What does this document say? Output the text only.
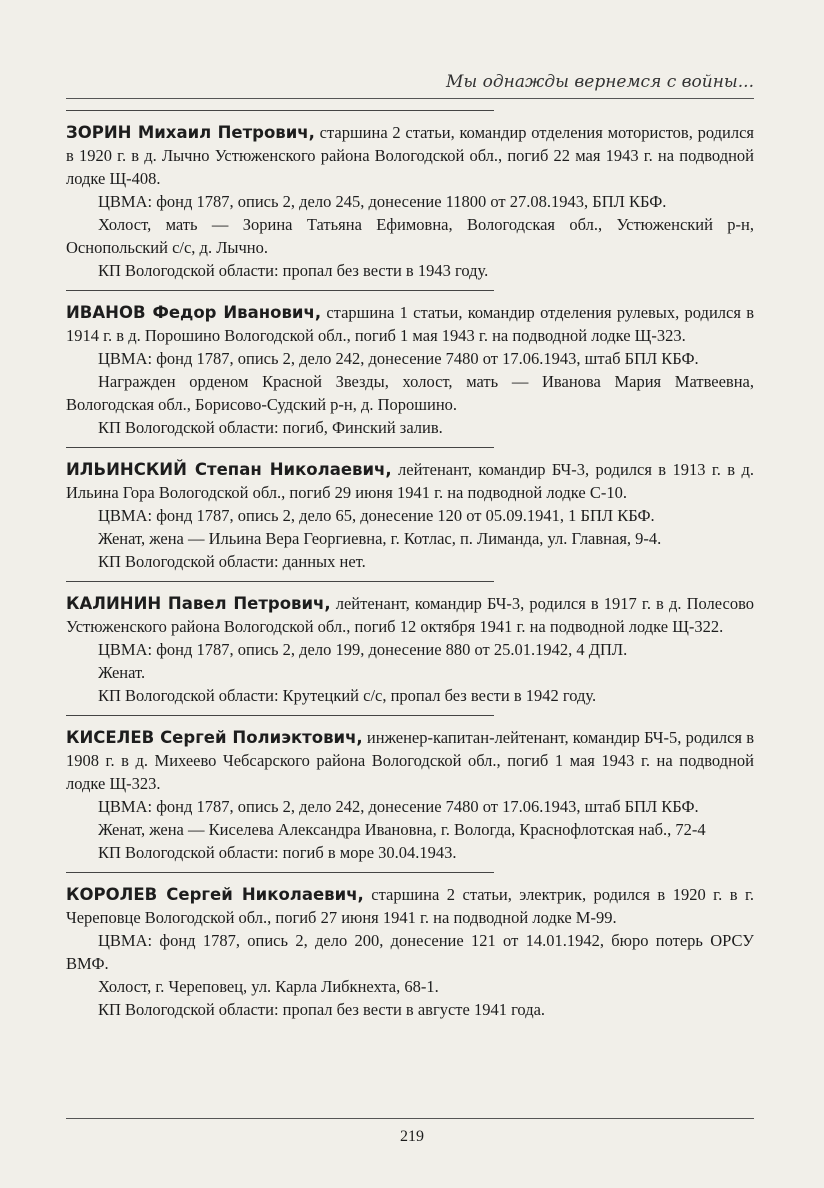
Мы однажды вернемся с войны...

ЗОРИН Михаил Петрович, старшина 2 статьи, командир отделения мотористов, родился в 1920 г. в д. Лычно Устюженского района Вологодской обл., погиб 22 мая 1943 г. на подводной лодке Щ-408.

ЦВМА: фонд 1787, опись 2, дело 245, донесение 11800 от 27.08.1943, БПЛ КБФ.

Холост, мать — Зорина Татьяна Ефимовна, Вологодская обл., Устюженский р-н, Оснопольский с/с, д. Лычно.

КП Вологодской области: пропал без вести в 1943 году.

ИВАНОВ Федор Иванович, старшина 1 статьи, командир отделения рулевых, родился в 1914 г. в д. Порошино Вологодской обл., погиб 1 мая 1943 г. на подводной лодке Щ-323.

ЦВМА: фонд 1787, опись 2, дело 242, донесение 7480 от 17.06.1943, штаб БПЛ КБФ.

Награжден орденом Красной Звезды, холост, мать — Иванова Мария Матвеевна, Вологодская обл., Борисово-Судский р-н, д. Порошино.

КП Вологодской области: погиб, Финский залив.

ИЛЬИНСКИЙ Степан Николаевич, лейтенант, командир БЧ-3, родился в 1913 г. в д. Ильина Гора Вологодской обл., погиб 29 июня 1941 г. на подводной лодке С-10.

ЦВМА: фонд 1787, опись 2, дело 65, донесение 120 от 05.09.1941, 1 БПЛ КБФ.

Женат, жена — Ильина Вера Георгиевна, г. Котлас, п. Лиманда, ул. Главная, 9-4.

КП Вологодской области: данных нет.

КАЛИНИН Павел Петрович, лейтенант, командир БЧ-3, родился в 1917 г. в д. Полесово Устюженского района Вологодской обл., погиб 12 октября 1941 г. на подводной лодке Щ-322.

ЦВМА: фонд 1787, опись 2, дело 199, донесение 880 от 25.01.1942, 4 ДПЛ.

Женат.

КП Вологодской области: Крутецкий с/с, пропал без вести в 1942 году.

КИСЕЛЕВ Сергей Полиэктович, инженер-капитан-лейтенант, командир БЧ-5, родился в 1908 г. в д. Михеево Чебсарского района Вологодской обл., погиб 1 мая 1943 г. на подводной лодке Щ-323.

ЦВМА: фонд 1787, опись 2, дело 242, донесение 7480 от 17.06.1943, штаб БПЛ КБФ.

Женат, жена — Киселева Александра Ивановна, г. Вологда, Краснофлотская наб., 72-4

КП Вологодской области: погиб в море 30.04.1943.

КОРОЛЕВ Сергей Николаевич, старшина 2 статьи, электрик, родился в 1920 г. в г. Череповце Вологодской обл., погиб 27 июня 1941 г. на подводной лодке М-99.

ЦВМА: фонд 1787, опись 2, дело 200, донесение 121 от 14.01.1942, бюро потерь ОРСУ ВМФ.

Холост, г. Череповец, ул. Карла Либкнехта, 68-1.

КП Вологодской области: пропал без вести в августе 1941 года.

219
